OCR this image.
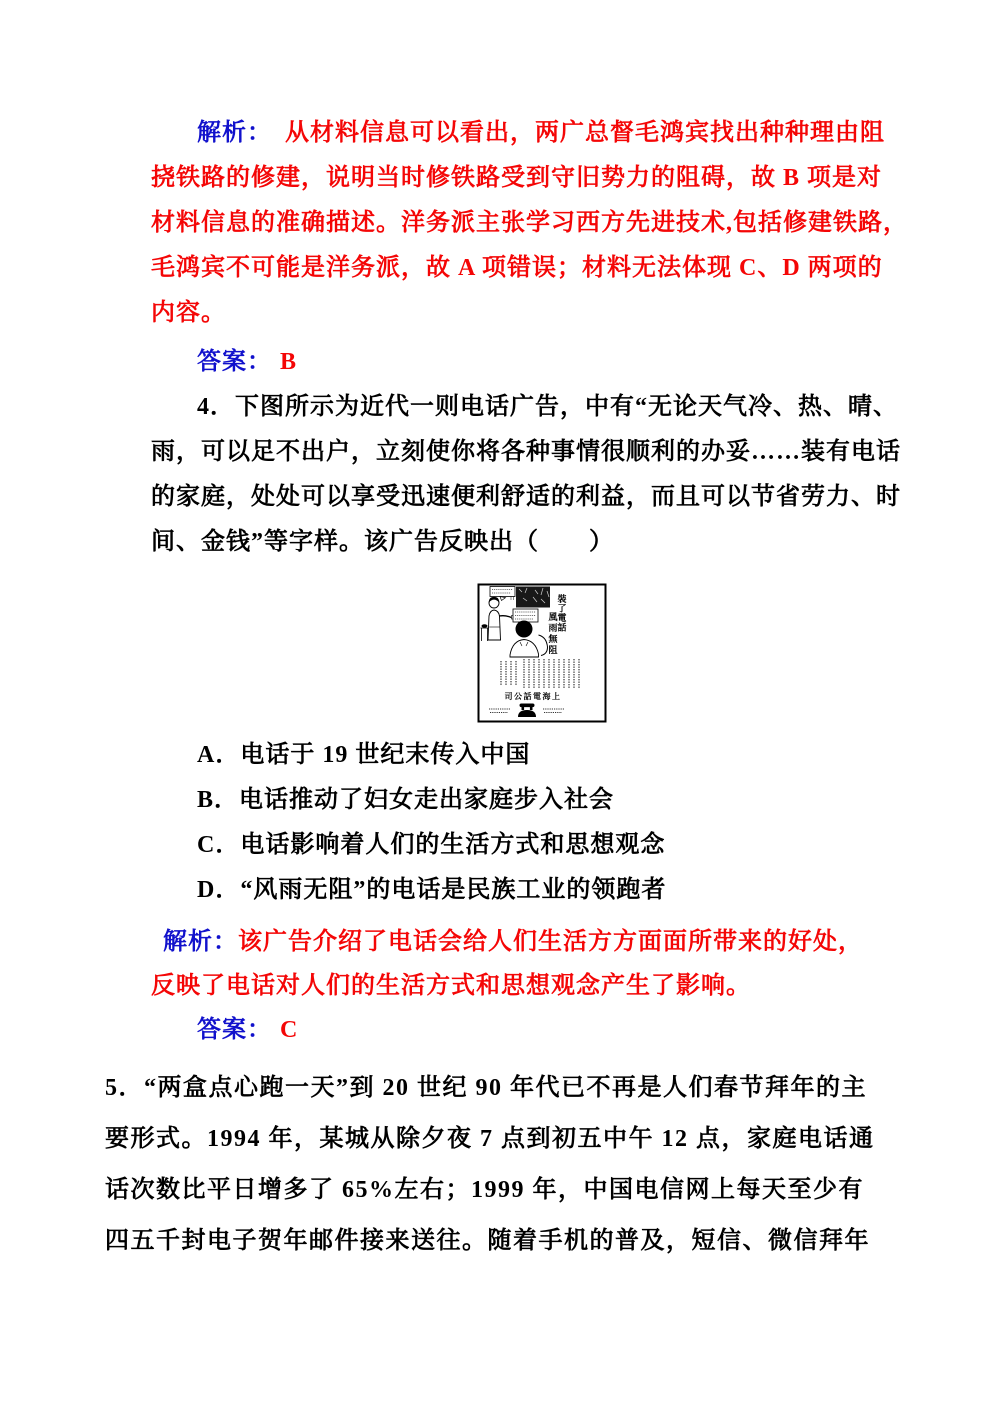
解析：　从材料信息可以看出，两广总督毛鸿宾找出种种理由阻
挠铁路的修建，说明当时修铁路受到守旧势力的阻碍，故 B 项是对
材料信息的准确描述。洋务派主张学习西方先进技术,包括修建铁路，
毛鸿宾不可能是洋务派，故 A 项错误；材料无法体现 C、D 两项的
内容。
答案： B
4．下图所示为近代一则电话广告，中有“无论天气冷、热、晴、
雨，可以足不出户，立刻使你将各种事情很顺利的办妥……装有电话
的家庭，处处可以享受迅速便利舒适的利益，而且可以节省劳力、时
间、金钱”等字样。该广告反映出（　　）
裝
了
電
話
風
雨
無
阻
司公話電海上
A．电话于 19 世纪末传入中国
B．电话推动了妇女走出家庭步入社会
C．电话影响着人们的生活方式和思想观念
D．“风雨无阻”的电话是民族工业的领跑者
解析：该广告介绍了电话会给人们生活方方面面所带来的好处，
反映了电话对人们的生活方式和思想观念产生了影响。
答案： C
5．“两盒点心跑一天”到 20 世纪 90 年代已不再是人们春节拜年的主
要形式。1994 年，某城从除夕夜 7 点到初五中午 12 点，家庭电话通
话次数比平日增多了 65%左右；1999 年，中国电信网上每天至少有
四五千封电子贺年邮件接来送往。随着手机的普及，短信、微信拜年
